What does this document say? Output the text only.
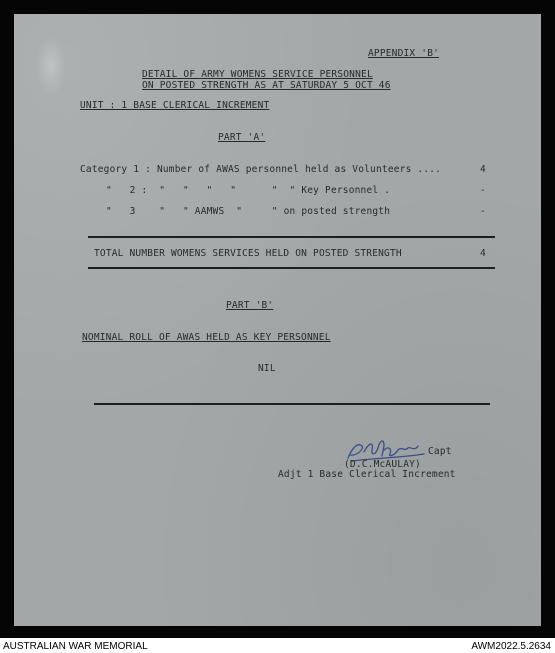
APPENDIX 'B'
DETAIL OF ARMY WOMENS SERVICE PERSONNEL
ON POSTED STRENGTH AS AT SATURDAY 5 OCT 46
UNIT : 1 BASE CLERICAL INCREMENT
PART 'A'
Category 1 : Number of AWAS personnel held as Volunteers ....	4
"   2 :  "   "   "   "      "  " Key Personnel .	-
"   3    "   " AAMWS  "     " on posted strength	-
TOTAL NUMBER WOMENS SERVICES HELD ON POSTED STRENGTH	4
PART 'B'
NOMINAL ROLL OF AWAS HELD AS KEY PERSONNEL
NIL
Capt
(D.C.McAULAY)
Adjt 1 Base Clerical Increment
AUSTRALIAN WAR MEMORIAL	AWM2022.5.2634
